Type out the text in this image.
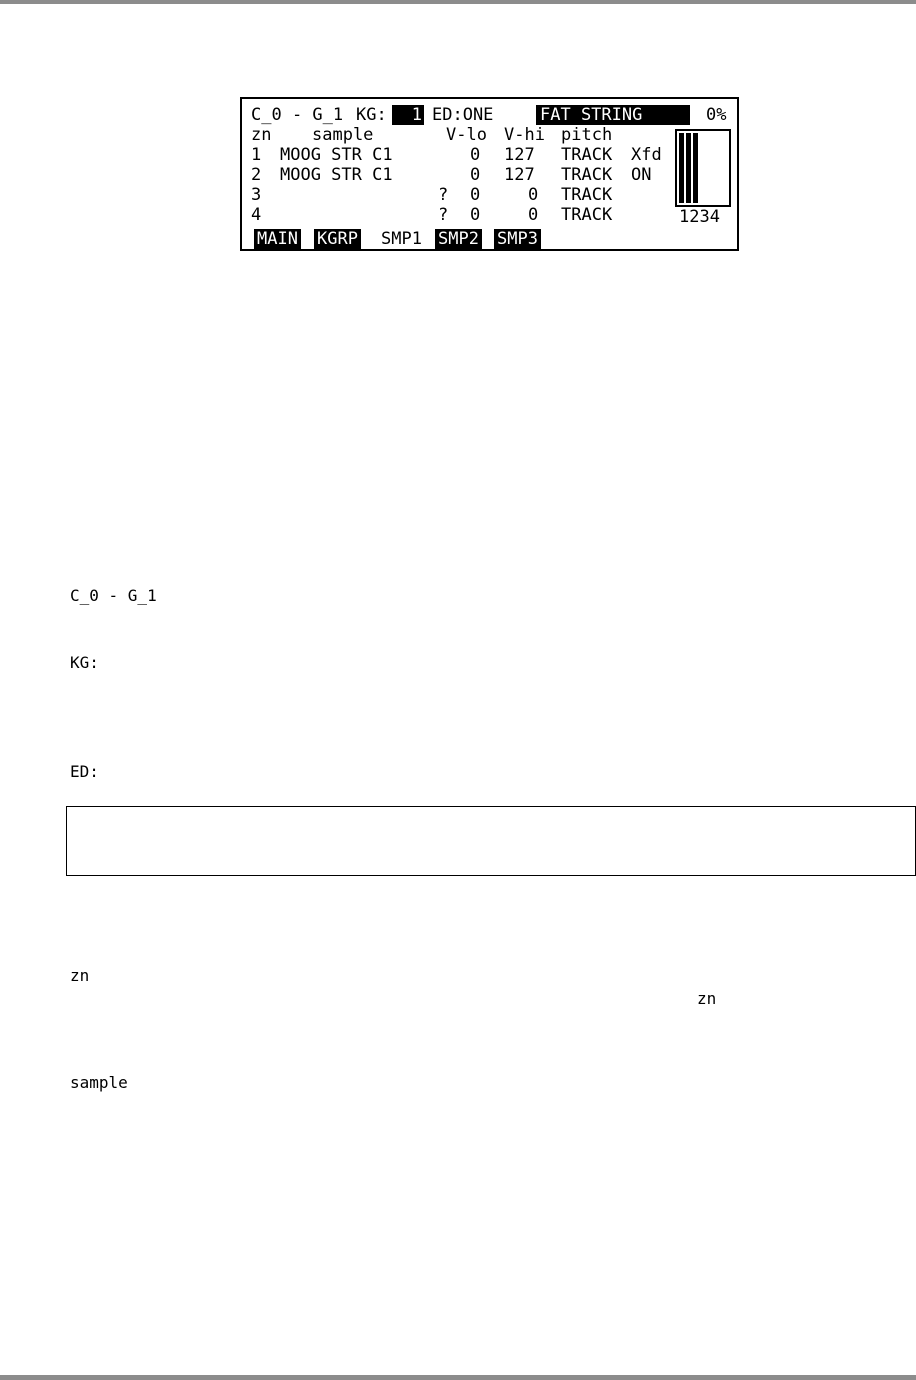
C_0 - G_1 KG:	1 ED:ONE	FAT STRING	0%
zn sample	V-lo V-hi pitch
1 MOOG STR C1	0 127 TRACK Xfd
2 MOOG STR C1	0 127 TRACK ON
3	? 0	0 TRACK
4	? 0	0 TRACK	1234
MAIN KGRP SMP1 SMP2 SMP3
C_0 - G_1
KG:
ED:
zn
zn
sample
